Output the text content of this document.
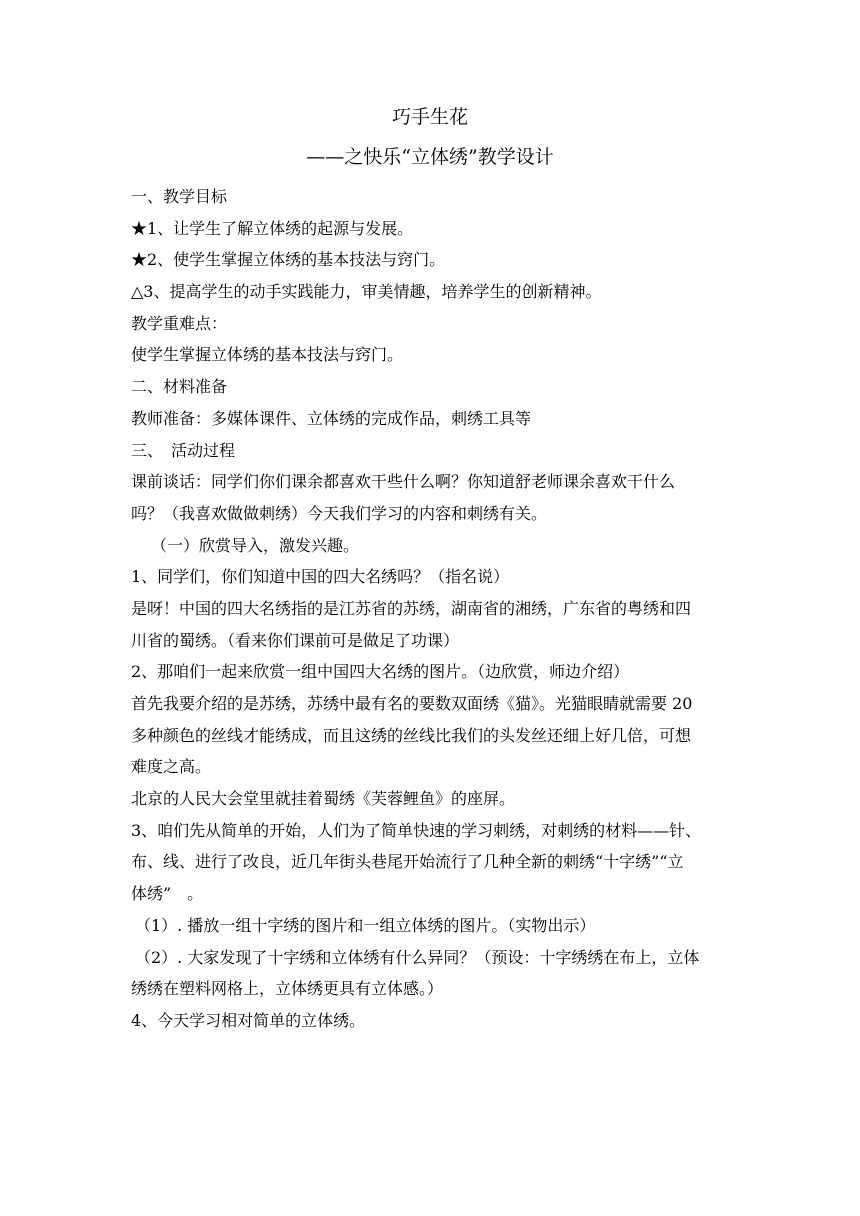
巧手生花
——之快乐“立体绣”教学设计
一、教学目标
★1、让学生了解立体绣的起源与发展。
★2、使学生掌握立体绣的基本技法与窍门。
△3、提高学生的动手实践能力，审美情趣，培养学生的创新精神。
教学重难点：
使学生掌握立体绣的基本技法与窍门。
二、材料准备
教师准备：多媒体课件、立体绣的完成作品，刺绣工具等
三、　活动过程
课前谈话：同学们你们课余都喜欢干些什么啊？你知道舒老师课余喜欢干什么
吗？（我喜欢做做刺绣）今天我们学习的内容和刺绣有关。
（一）欣赏导入，激发兴趣。
1、同学们，你们知道中国的四大名绣吗？（指名说）
是呀！中国的四大名绣指的是江苏省的苏绣，湖南省的湘绣，广东省的粤绣和四
川省的蜀绣。（看来你们课前可是做足了功课）
2、那咱们一起来欣赏一组中国四大名绣的图片。（边欣赏，师边介绍）
首先我要介绍的是苏绣，苏绣中最有名的要数双面绣《猫》。光猫眼睛就需要 20
多种颜色的丝线才能绣成，而且这绣的丝线比我们的头发丝还细上好几倍，可想
难度之高。
北京的人民大会堂里就挂着蜀绣《芙蓉鲤鱼》的座屏。
3、咱们先从简单的开始，人们为了简单快速的学习刺绣，对刺绣的材料——针、
布、线、进行了改良，近几年街头巷尾开始流行了几种全新的刺绣“十字绣”“立
体绣”　。
（1）. 播放一组十字绣的图片和一组立体绣的图片。（实物出示）
（2）. 大家发现了十字绣和立体绣有什么异同？（预设：十字绣绣在布上，立体
绣绣在塑料网格上，立体绣更具有立体感。）
4、今天学习相对简单的立体绣。
